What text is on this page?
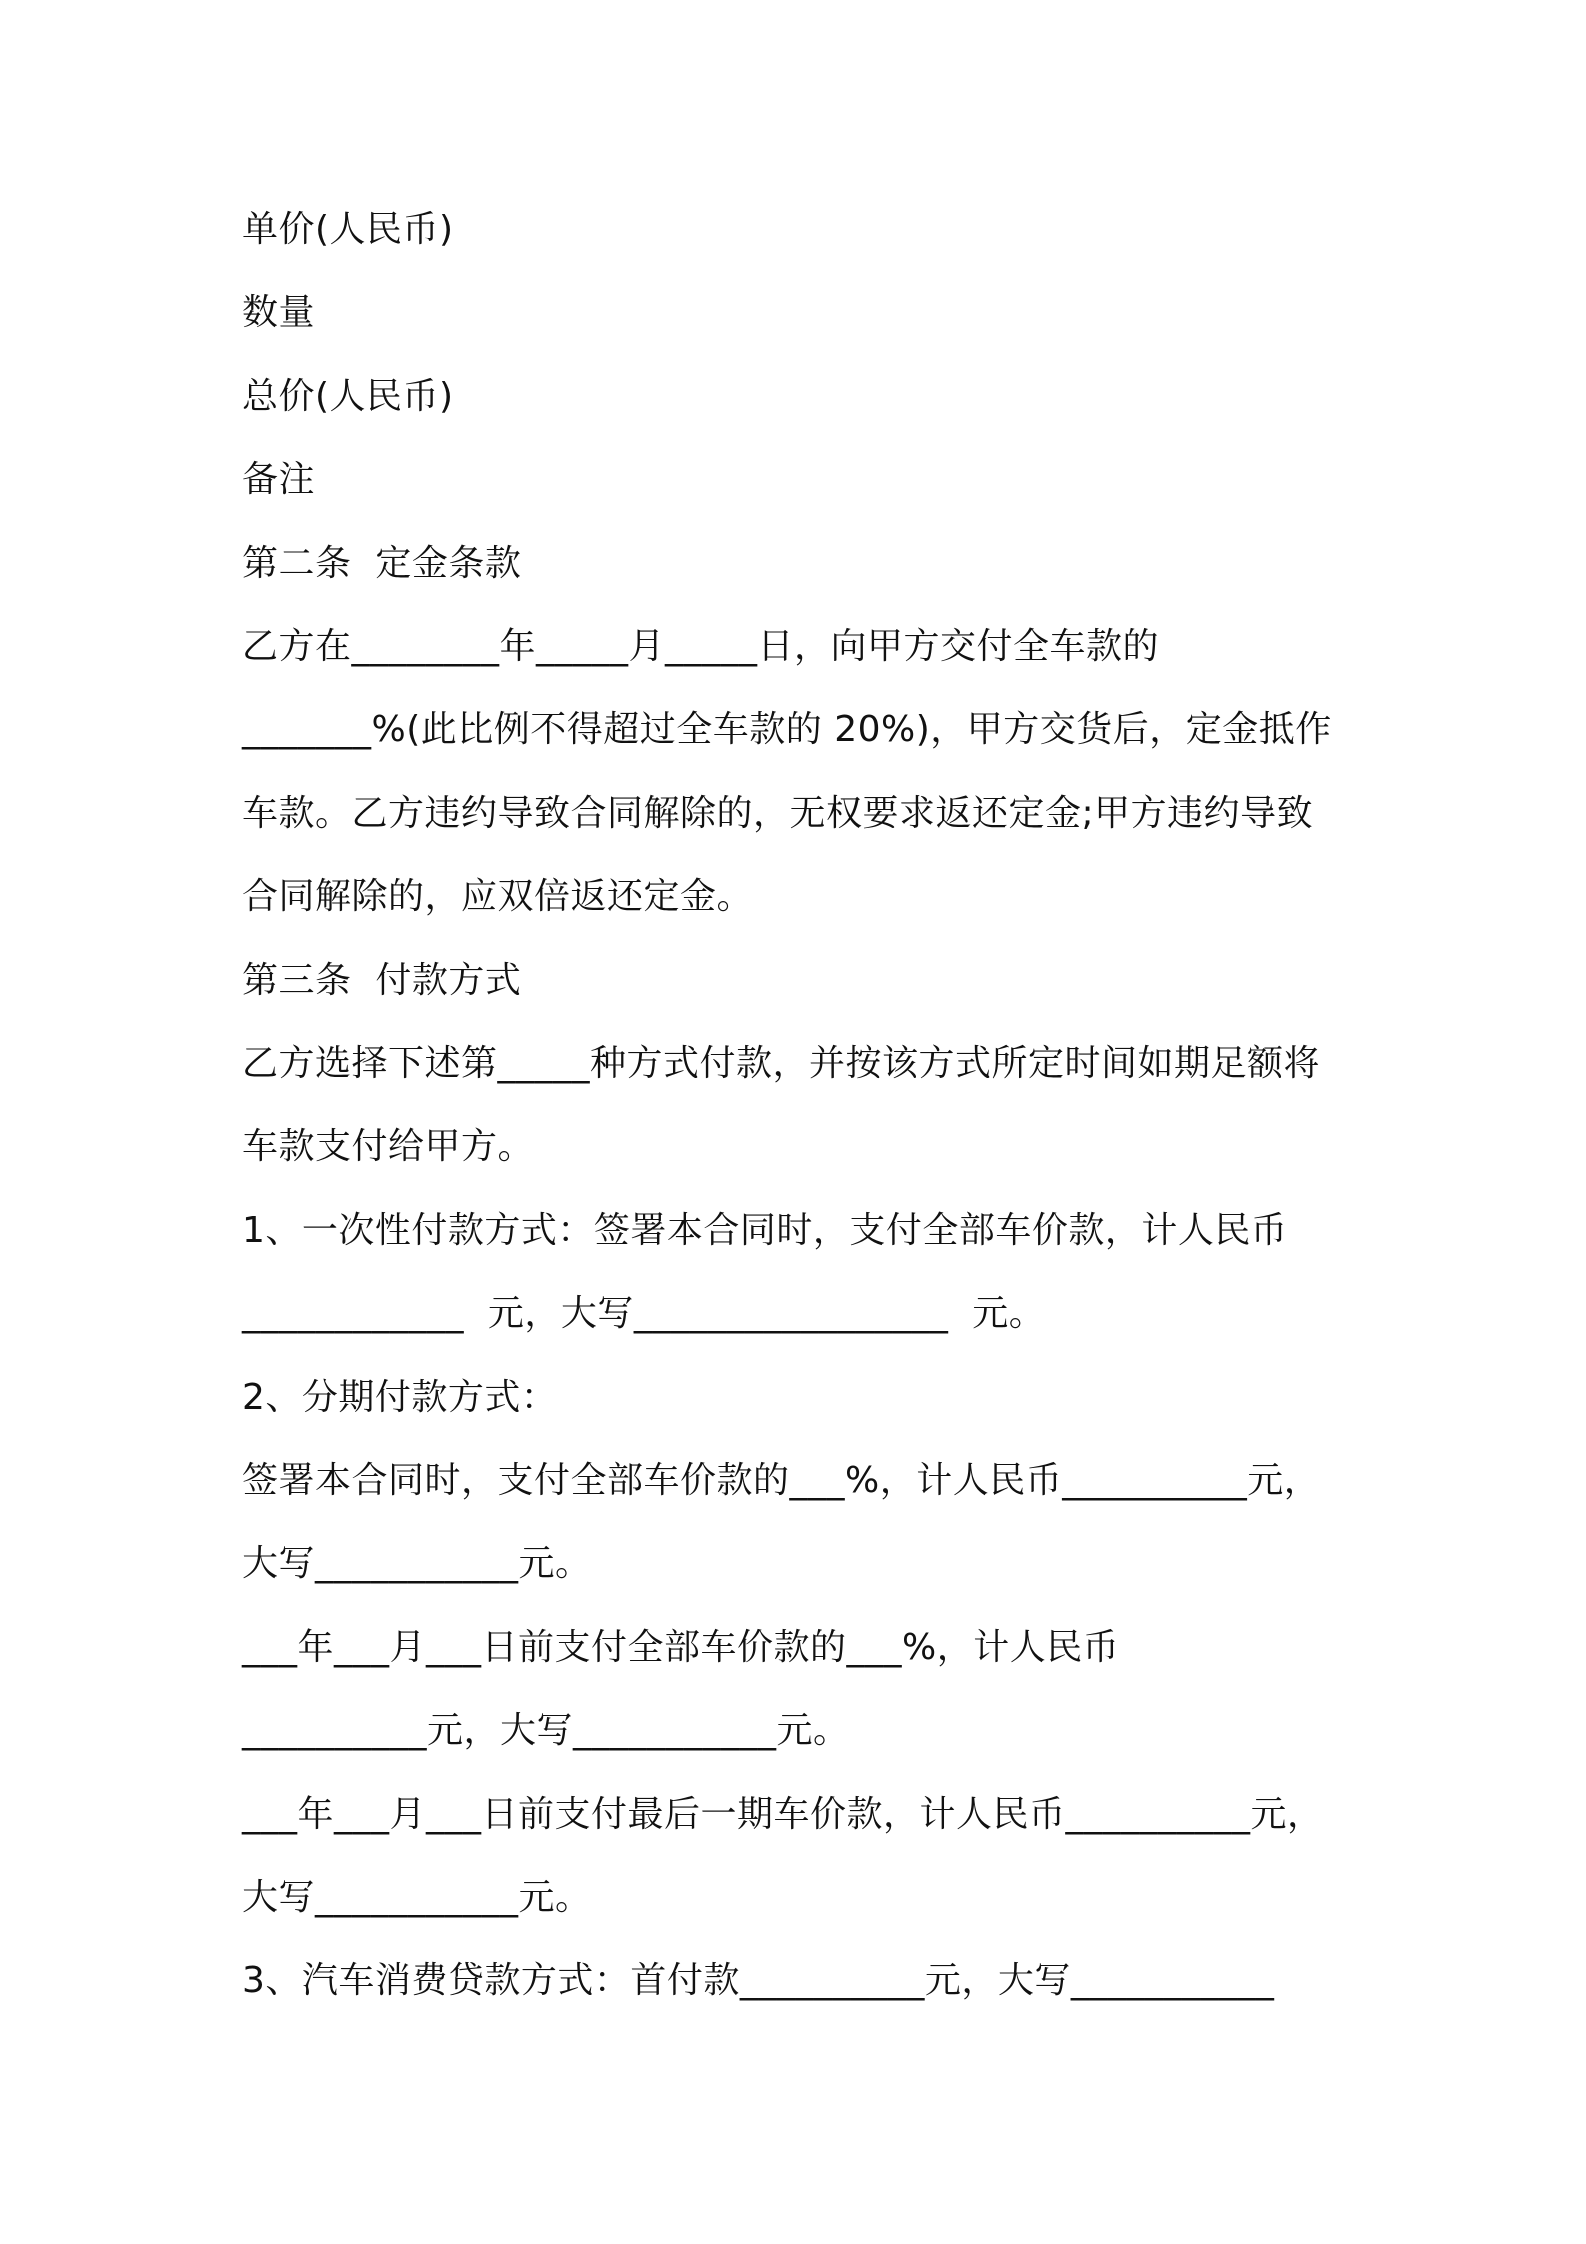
单价(人民币)
数量
总价(人民币)
备注
第二条  定金条款
乙方在________年_____月_____日，向甲方交付全车款的
_______%(此比例不得超过全车款的 20%)，甲方交货后，定金抵作
车款。乙方违约导致合同解除的，无权要求返还定金;甲方违约导致
合同解除的，应双倍返还定金。
第三条  付款方式
乙方选择下述第_____种方式付款，并按该方式所定时间如期足额将
车款支付给甲方。
1、一次性付款方式：签署本合同时，支付全部车价款，计人民币
____________  元，大写_________________  元。
2、分期付款方式：
签署本合同时，支付全部车价款的___%，计人民币__________元，
大写___________元。
___年___月___日前支付全部车价款的___%，计人民币
__________元，大写___________元。
___年___月___日前支付最后一期车价款，计人民币__________元，
大写___________元。
3、汽车消费贷款方式：首付款__________元，大写___________
